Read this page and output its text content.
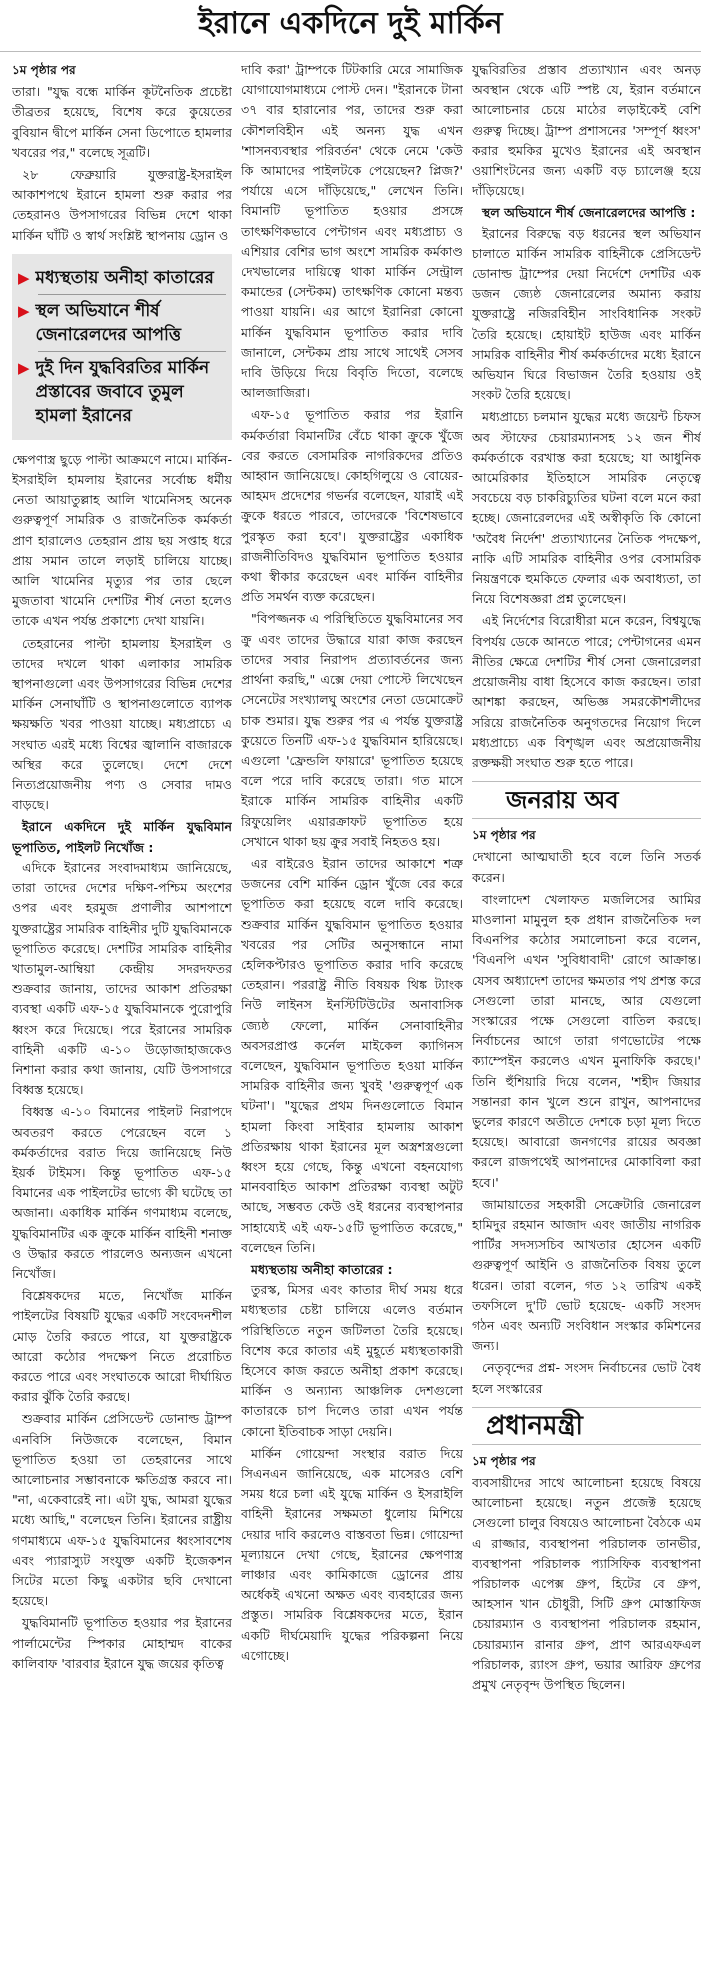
ইরানে একদিনে দুই মার্কিন
১ম পৃষ্ঠার পর

তারা। "যুদ্ধ বন্ধে মার্কিন কূটনৈতিক প্রচেষ্টা তীব্রতর হয়েছে, বিশেষ করে কুয়েতের বুবিয়ান দ্বীপে মার্কিন সেনা ডিপোতে হামলার খবরের পর," বলেছে সূত্রটি।

২৮ ফেব্রুয়ারি যুক্তরাষ্ট্র-ইসরাইল আকাশপথে ইরানে হামলা শুরু করার পর তেহরানও উপসাগরের বিভিন্ন দেশে থাকা মার্কিন ঘাঁটি ও স্বার্থ সংশ্লিষ্ট স্থাপনায় ড্রোন ও

▶ মধ্যস্থতায় অনীহা কাতারের
▶ স্থল অভিযানে শীর্ষ জেনারেলদের আপত্তি
▶ দুই দিন যুদ্ধবিরতির মার্কিন প্রস্তাবের জবাবে তুমুল হামলা ইরানের

ক্ষেপণাস্ত্র ছুড়ে পাল্টা আক্রমণে নামে। মার্কিন-ইসরাইলি হামলায় ইরানের সর্বোচ্চ ধর্মীয় নেতা আয়াতুল্লাহ আলি খামেনিসহ অনেক গুরুত্বপূর্ণ সামরিক ও রাজনৈতিক কর্মকর্তা প্রাণ হারালেও তেহরান প্রায় ছয় সপ্তাহ ধরে প্রায় সমান তালে লড়াই চালিয়ে যাচ্ছে। আলি খামেনির মৃত্যুর পর তার ছেলে মুজতাবা খামেনি দেশটির শীর্ষ নেতা হলেও তাকে এখন পর্যন্ত প্রকাশ্যে দেখা যায়নি।

তেহরানের পাল্টা হামলায় ইসরাইল ও তাদের দখলে থাকা এলাকার সামরিক স্থাপনাগুলো এবং উপসাগরের বিভিন্ন দেশের মার্কিন সেনাঘাঁটি ও স্থাপনাগুলোতে ব্যাপক ক্ষয়ক্ষতি খবর পাওয়া যাচ্ছে। মধ্যপ্রাচ্যে এ সংঘাত এরই মধ্যে বিশ্বের জ্বালানি বাজারকে অস্থির করে তুলেছে। দেশে দেশে নিত্যপ্রয়োজনীয় পণ্য ও সেবার দামও বাড়ছে।

ইরানে একদিনে দুই মার্কিন যুদ্ধবিমান ভূপাতিত, পাইলট নিখোঁজ :

এদিকে ইরানের সংবাদমাধ্যম জানিয়েছে, তারা তাদের দেশের দক্ষিণ-পশ্চিম অংশের ওপর এবং হরমুজ প্রণালীর আশপাশে যুক্তরাষ্ট্রের সামরিক বাহিনীর দুটি যুদ্ধবিমানকে ভূপাতিত করেছে। দেশটির সামরিক বাহিনীর খাতামুল-আম্বিয়া কেন্দ্রীয় সদরদফতর শুক্রবার জানায়, তাদের আকাশ প্রতিরক্ষা ব্যবস্থা একটি এফ-১৫ যুদ্ধবিমানকে পুরোপুরি ধ্বংস করে দিয়েছে। পরে ইরানের সামরিক বাহিনী একটি এ-১০ উড়োজাহাজকেও নিশানা করার কথা জানায়, যেটি উপসাগরে বিধ্বস্ত হয়েছে।

বিধ্বস্ত এ-১০ বিমানের পাইলট নিরাপদে অবতরণ করতে পেরেছেন বলে ১ কর্মকর্তাদের বরাত দিয়ে জানিয়েছে নিউ ইয়র্ক টাইমস। কিন্তু ভূপাতিত এফ-১৫ বিমানের এক পাইলটের ভাগ্যে কী ঘটেছে তা অজানা। একাধিক মার্কিন গণমাধ্যম বলেছে, যুদ্ধবিমানটির এক ক্রুকে মার্কিন বাহিনী শনাক্ত ও উদ্ধার করতে পারলেও অন্যজন এখনো নিখোঁজ।

বিশ্লেষকদের মতে, নিখোঁজ মার্কিন পাইলটের বিষয়টি যুদ্ধের একটি সংবেদনশীল মোড় তৈরি করতে পারে, যা যুক্তরাষ্ট্রকে আরো কঠোর পদক্ষেপ নিতে প্ররোচিত করতে পারে এবং সংঘাতকে আরো দীর্ঘায়িত করার ঝুঁকি তৈরি করছে।

শুক্রবার মার্কিন প্রেসিডেন্ট ডোনাল্ড ট্রাম্প এনবিসি নিউজকে বলেছেন, বিমান ভূপাতিত হওয়া তা তেহরানের সাথে আলোচনার সম্ভাবনাকে ক্ষতিগ্রস্ত করবে না। "না, একেবারেই না। এটা যুদ্ধ, আমরা যুদ্ধের মধ্যে আছি," বলেছেন তিনি। ইরানের রাষ্ট্রীয় গণমাধ্যমে এফ-১৫ যুদ্ধবিমানের ধ্বংসাবশেষ এবং প্যারাস্যুট সংযুক্ত একটি ইজেকশন সিটের মতো কিছু একটার ছবি দেখানো হয়েছে।

যুদ্ধবিমানটি ভূপাতিত হওয়ার পর ইরানের পার্লামেন্টের স্পিকার মোহাম্মদ বাকের কালিবাফ 'বারবার ইরানে যুদ্ধ জয়ের কৃতিত্ব

দাবি করা' ট্রাম্পকে টিটকারি মেরে সামাজিক যোগাযোগমাধ্যমে পোস্ট দেন। "ইরানকে টানা ৩৭ বার হারানোর পর, তাদের শুরু করা কৌশলবিহীন এই অনন্য যুদ্ধ এখন 'শাসনব্যবস্থার পরিবর্তন' থেকে নেমে 'কেউ কি আমাদের পাইলটকে পেয়েছেন? প্লিজ?' পর্যায়ে এসে দাঁড়িয়েছে," লেখেন তিনি। বিমানটি ভূপাতিত হওয়ার প্রসঙ্গে তাৎক্ষণিকভাবে পেন্টাগন এবং মধ্যপ্রাচ্য ও এশিয়ার বেশির ভাগ অংশে সামরিক কর্মকাণ্ড দেখভালের দায়িত্বে থাকা মার্কিন সেন্ট্রাল কমান্ডের (সেন্টকম) তাৎক্ষণিক কোনো মন্তব্য পাওয়া যায়নি। এর আগে ইরানিরা কোনো মার্কিন যুদ্ধবিমান ভূপাতিত করার দাবি জানালে, সেন্টকম প্রায় সাথে সাথেই সেসব দাবি উড়িয়ে দিয়ে বিবৃতি দিতো, বলেছে আলজাজিরা।

এফ-১৫ ভূপাতিত করার পর ইরানি কর্মকর্তারা বিমানটির বেঁচে থাকা ক্রুকে খুঁজে বের করতে বেসামরিক নাগরিকদের প্রতিও আহ্বান জানিয়েছে। কোহগিলুয়ে ও বোয়ের-আহমদ প্রদেশের গভর্নর বলেছেন, যারাই এই ক্রুকে ধরতে পারবে, তাদেরকে 'বিশেষভাবে পুরস্কৃত করা হবে'। যুক্তরাষ্ট্রের একাধিক রাজনীতিবিদও যুদ্ধবিমান ভূপাতিত হওয়ার কথা স্বীকার করেছেন এবং মার্কিন বাহিনীর প্রতি সমর্থন ব্যক্ত করেছেন।

"বিপজ্জনক এ পরিস্থিতিতে যুদ্ধবিমানের সব ক্রু এবং তাদের উদ্ধারে যারা কাজ করছেন তাদের সবার নিরাপদ প্রত্যাবর্তনের জন্য প্রার্থনা করছি," এক্সে দেয়া পোস্টে লিখেছেন সেনেটের সংখ্যালঘু অংশের নেতা ডেমোক্রেট চাক শুমার। যুদ্ধ শুরুর পর এ পর্যন্ত যুক্তরাষ্ট্র কুয়েতে তিনটি এফ-১৫ যুদ্ধবিমান হারিয়েছে। এগুলো 'ফ্রেন্ডলি ফায়ারে' ভূপাতিত হয়েছে বলে পরে দাবি করেছে তারা। গত মাসে ইরাকে মার্কিন সামরিক বাহিনীর একটি রিফুয়েলিং এয়ারক্রাফট ভূপাতিত হয়ে সেখানে থাকা ছয় ক্রুর সবাই নিহতও হয়।

এর বাইরেও ইরান তাদের আকাশে শত্রু ডজনের বেশি মার্কিন ড্রোন খুঁজে বের করে ভূপাতিত করা হয়েছে বলে দাবি করেছে। শুক্রবার মার্কিন যুদ্ধবিমান ভূপাতিত হওয়ার খবরের পর সেটির অনুসন্ধানে নামা হেলিকপ্টারও ভূপাতিত করার দাবি করেছে তেহরান। পররাষ্ট্র নীতি বিষয়ক থিঙ্ক ট্যাংক নিউ লাইনস ইনস্টিটিউটের অনাবাসিক জ্যেষ্ঠ ফেলো, মার্কিন সেনাবাহিনীর অবসরপ্রাপ্ত কর্নেল মাইকেল ক্যাগিনস বলেছেন, যুদ্ধবিমান ভূপাতিত হওয়া মার্কিন সামরিক বাহিনীর জন্য খুবই 'গুরুত্বপূর্ণ এক ঘটনা'। "যুদ্ধের প্রথম দিনগুলোতে বিমান হামলা কিংবা সাইবার হামলায় আকাশ প্রতিরক্ষায় থাকা ইরানের মূল অস্ত্রশস্ত্রগুলো ধ্বংস হয়ে গেছে, কিন্তু এখনো বহনযোগ্য মানববাহিত আকাশ প্রতিরক্ষা ব্যবস্থা অটুট আছে, সম্ভবত কেউ ওই ধরনের ব্যবস্থাপনার সাহায্যেই এই এফ-১৫টি ভূপাতিত করেছে," বলেছেন তিনি।

মধ্যস্থতায় অনীহা কাতারের :

তুরস্ক, মিসর এবং কাতার দীর্ঘ সময় ধরে মধ্যস্থতার চেষ্টা চালিয়ে এলেও বর্তমান পরিস্থিতিতে নতুন জটিলতা তৈরি হয়েছে। বিশেষ করে কাতার এই মুহূর্তে মধ্যস্থতাকারী হিসেবে কাজ করতে অনীহা প্রকাশ করেছে। মার্কিন ও অন্যান্য আঞ্চলিক দেশগুলো কাতারকে চাপ দিলেও তারা এখন পর্যন্ত কোনো ইতিবাচক সাড়া দেয়নি।

মার্কিন গোয়েন্দা সংস্থার বরাত দিয়ে সিএনএন জানিয়েছে, এক মাসেরও বেশি সময় ধরে চলা এই যুদ্ধে মার্কিন ও ইসরাইলি বাহিনী ইরানের সক্ষমতা ধুলোয় মিশিয়ে দেয়ার দাবি করলেও বাস্তবতা ভিন্ন। গোয়েন্দা মূল্যায়নে দেখা গেছে, ইরানের ক্ষেপণাস্ত্র লাঞ্চার এবং কামিকাজে ড্রোনের প্রায় অর্ধেকই এখনো অক্ষত এবং ব্যবহারের জন্য প্রস্তুত। সামরিক বিশ্লেষকদের মতে, ইরান একটি দীর্ঘমেয়াদি যুদ্ধের পরিকল্পনা নিয়ে এগোচ্ছে।

যুদ্ধবিরতির প্রস্তাব প্রত্যাখ্যান এবং অনড় অবস্থান থেকে এটি স্পষ্ট যে, ইরান বর্তমানে আলোচনার চেয়ে মাঠের লড়াইকেই বেশি গুরুত্ব দিচ্ছে। ট্রাম্প প্রশাসনের 'সম্পূর্ণ ধ্বংস' করার হুমকির মুখেও ইরানের এই অবস্থান ওয়াশিংটনের জন্য একটি বড় চ্যালেঞ্জ হয়ে দাঁড়িয়েছে।

স্থল অভিযানে শীর্ষ জেনারেলদের আপত্তি :

ইরানের বিরুদ্ধে বড় ধরনের স্থল অভিযান চালাতে মার্কিন সামরিক বাহিনীকে প্রেসিডেন্ট ডোনাল্ড ট্রাম্পের দেয়া নির্দেশে দেশটির এক ডজন জ্যেষ্ঠ জেনারেলের অমান্য করায় যুক্তরাষ্ট্রে নজিরবিহীন সাংবিধানিক সংকট তৈরি হয়েছে। হোয়াইট হাউজ এবং মার্কিন সামরিক বাহিনীর শীর্ষ কর্মকর্তাদের মধ্যে ইরানে অভিযান ঘিরে বিভাজন তৈরি হওয়ায় ওই সংকট তৈরি হয়েছে।

মধ্যপ্রাচ্যে চলমান যুদ্ধের মধ্যে জয়েন্ট চিফস অব স্টাফের চেয়ারম্যানসহ ১২ জন শীর্ষ কর্মকর্তাকে বরখাস্ত করা হয়েছে; যা আধুনিক আমেরিকার ইতিহাসে সামরিক নেতৃত্বে সবচেয়ে বড় চাকরিচ্যুতির ঘটনা বলে মনে করা হচ্ছে। জেনারেলদের এই অস্বীকৃতি কি কোনো 'অবৈধ নির্দেশ' প্রত্যাখ্যানের নৈতিক পদক্ষেপ, নাকি এটি সামরিক বাহিনীর ওপর বেসামরিক নিয়ন্ত্রণকে হুমকিতে ফেলার এক অবাধ্যতা, তা নিয়ে বিশেষজ্ঞরা প্রশ্ন তুলেছেন।

এই নির্দেশের বিরোধীরা মনে করেন, বিশ্বযুদ্ধে বিপর্যয় ডেকে আনতে পারে; পেন্টাগনের এমন নীতির ক্ষেত্রে দেশটির শীর্ষ সেনা জেনারেলরা প্রয়োজনীয় বাধা হিসেবে কাজ করছেন। তারা আশঙ্কা করছেন, অভিজ্ঞ সমরকৌশলীদের সরিয়ে রাজনৈতিক অনুগতদের নিয়োগ দিলে মধ্যপ্রাচ্যে এক বিশৃঙ্খল এবং অপ্রয়োজনীয় রক্তক্ষয়ী সংঘাত শুরু হতে পারে।

জনরায় অব
১ম পৃষ্ঠার পর

দেখানো আত্মঘাতী হবে বলে তিনি সতর্ক করেন।

বাংলাদেশ খেলাফত মজলিসের আমির মাওলানা মামুনুল হক প্রধান রাজনৈতিক দল বিএনপির কঠোর সমালোচনা করে বলেন, 'বিএনপি এখন 'সুবিধাবাদী' রোগে আক্রান্ত। যেসব অধ্যাদেশ তাদের ক্ষমতার পথ প্রশস্ত করে সেগুলো তারা মানছে, আর যেগুলো সংস্কারের পক্ষে সেগুলো বাতিল করছে। নির্বাচনের আগে তারা গণভোটের পক্ষে ক্যাম্পেইন করলেও এখন মুনাফিকি করছে।' তিনি হুঁশিয়ারি দিয়ে বলেন, 'শহীদ জিয়ার সন্তানরা কান খুলে শুনে রাখুন, আপনাদের ভুলের কারণে অতীতে দেশকে চড়া মূল্য দিতে হয়েছে। আবারো জনগণের রায়ের অবজ্ঞা করলে রাজপথেই আপনাদের মোকাবিলা করা হবে।'

জামায়াতের সহকারী সেক্রেটারি জেনারেল হামিদুর রহমান আজাদ এবং জাতীয় নাগরিক পার্টির সদস্যসচিব আখতার হোসেন একটি গুরুত্বপূর্ণ আইনি ও রাজনৈতিক বিষয় তুলে ধরেন। তারা বলেন, গত ১২ তারিখ একই তফসিলে দু'টি ভোট হয়েছে- একটি সংসদ গঠন এবং অন্যটি সংবিধান সংস্কার কমিশনের জন্য।

নেতৃবৃন্দের প্রশ্ন- সংসদ নির্বাচনের ভোট বৈধ হলে সংস্কারের

প্রধানমন্ত্রী
১ম পৃষ্ঠার পর

ব্যবসায়ীদের সাথে আলোচনা হয়েছে বিষয়ে আলোচনা হয়েছে। নতুন প্রজেক্ট হয়েছে সেগুলো চালুর বিষয়েও আলোচনা বৈঠকে এম এ রাজ্জার, ব্যবস্থাপনা পরিচালক তানভীর, ব্যবস্থাপনা পরিচালক প্যাসিফিক ব্যবস্থাপনা পরিচালক এপেক্স গ্রুপ, হিটের বে গ্রুপ, আহসান খান চৌধুরী, সিটি গ্রুপ মোস্তাফিজ চেয়ারম্যান ও ব্যবস্থাপনা পরিচালক রহমান, চেয়ারম্যান রানার গ্রুপ, প্রাণ আরএফএল পরিচালক, র‍্যাংস গ্রুপ, ভয়ার আরিফ গ্রুপের প্রমুখ নেতৃবৃন্দ উপস্থিত ছিলেন।
